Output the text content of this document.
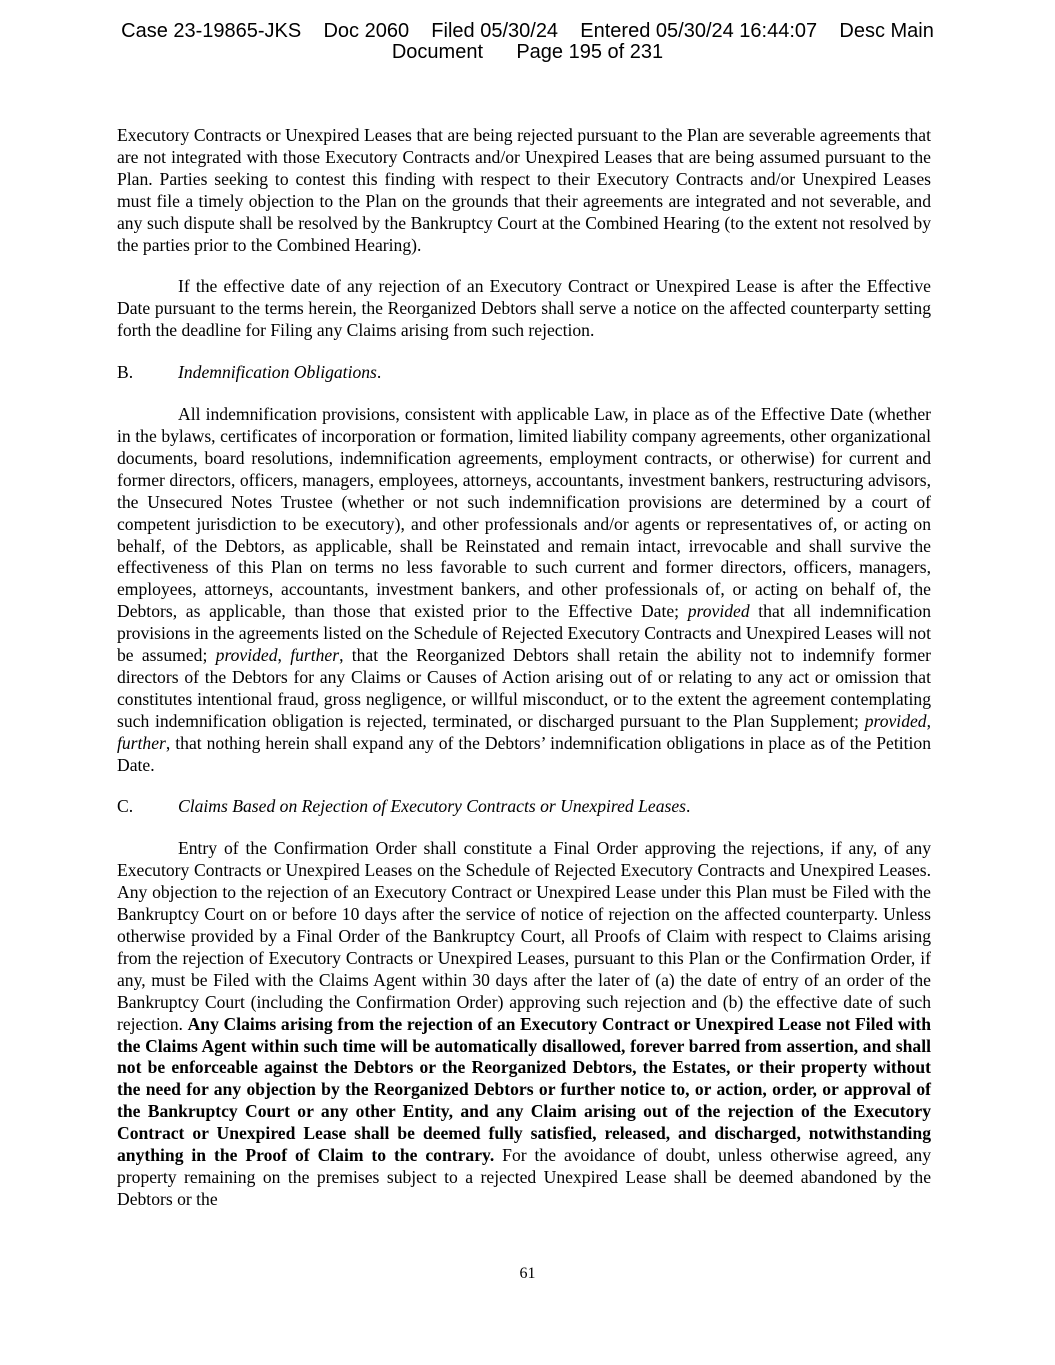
Case 23-19865-JKS    Doc 2060    Filed 05/30/24    Entered 05/30/24 16:44:07    Desc Main
Document      Page 195 of 231

Executory Contracts or Unexpired Leases that are being rejected pursuant to the Plan are severable agreements that are not integrated with those Executory Contracts and/or Unexpired Leases that are being assumed pursuant to the Plan. Parties seeking to contest this finding with respect to their Executory Contracts and/or Unexpired Leases must file a timely objection to the Plan on the grounds that their agreements are integrated and not severable, and any such dispute shall be resolved by the Bankruptcy Court at the Combined Hearing (to the extent not resolved by the parties prior to the Combined Hearing).

If the effective date of any rejection of an Executory Contract or Unexpired Lease is after the Effective Date pursuant to the terms herein, the Reorganized Debtors shall serve a notice on the affected counterparty setting forth the deadline for Filing any Claims arising from such rejection.

B.	Indemnification Obligations.

All indemnification provisions, consistent with applicable Law, in place as of the Effective Date (whether in the bylaws, certificates of incorporation or formation, limited liability company agreements, other organizational documents, board resolutions, indemnification agreements, employment contracts, or otherwise) for current and former directors, officers, managers, employees, attorneys, accountants, investment bankers, restructuring advisors, the Unsecured Notes Trustee (whether or not such indemnification provisions are determined by a court of competent jurisdiction to be executory), and other professionals and/or agents or representatives of, or acting on behalf, of the Debtors, as applicable, shall be Reinstated and remain intact, irrevocable and shall survive the effectiveness of this Plan on terms no less favorable to such current and former directors, officers, managers, employees, attorneys, accountants, investment bankers, and other professionals of, or acting on behalf of, the Debtors, as applicable, than those that existed prior to the Effective Date; provided that all indemnification provisions in the agreements listed on the Schedule of Rejected Executory Contracts and Unexpired Leases will not be assumed; provided, further, that the Reorganized Debtors shall retain the ability not to indemnify former directors of the Debtors for any Claims or Causes of Action arising out of or relating to any act or omission that constitutes intentional fraud, gross negligence, or willful misconduct, or to the extent the agreement contemplating such indemnification obligation is rejected, terminated, or discharged pursuant to the Plan Supplement; provided, further, that nothing herein shall expand any of the Debtors’ indemnification obligations in place as of the Petition Date.

C.	Claims Based on Rejection of Executory Contracts or Unexpired Leases.

Entry of the Confirmation Order shall constitute a Final Order approving the rejections, if any, of any Executory Contracts or Unexpired Leases on the Schedule of Rejected Executory Contracts and Unexpired Leases. Any objection to the rejection of an Executory Contract or Unexpired Lease under this Plan must be Filed with the Bankruptcy Court on or before 10 days after the service of notice of rejection on the affected counterparty. Unless otherwise provided by a Final Order of the Bankruptcy Court, all Proofs of Claim with respect to Claims arising from the rejection of Executory Contracts or Unexpired Leases, pursuant to this Plan or the Confirmation Order, if any, must be Filed with the Claims Agent within 30 days after the later of (a) the date of entry of an order of the Bankruptcy Court (including the Confirmation Order) approving such rejection and (b) the effective date of such rejection. Any Claims arising from the rejection of an Executory Contract or Unexpired Lease not Filed with the Claims Agent within such time will be automatically disallowed, forever barred from assertion, and shall not be enforceable against the Debtors or the Reorganized Debtors, the Estates, or their property without the need for any objection by the Reorganized Debtors or further notice to, or action, order, or approval of the Bankruptcy Court or any other Entity, and any Claim arising out of the rejection of the Executory Contract or Unexpired Lease shall be deemed fully satisfied, released, and discharged, notwithstanding anything in the Proof of Claim to the contrary. For the avoidance of doubt, unless otherwise agreed, any property remaining on the premises subject to a rejected Unexpired Lease shall be deemed abandoned by the Debtors or the

61
